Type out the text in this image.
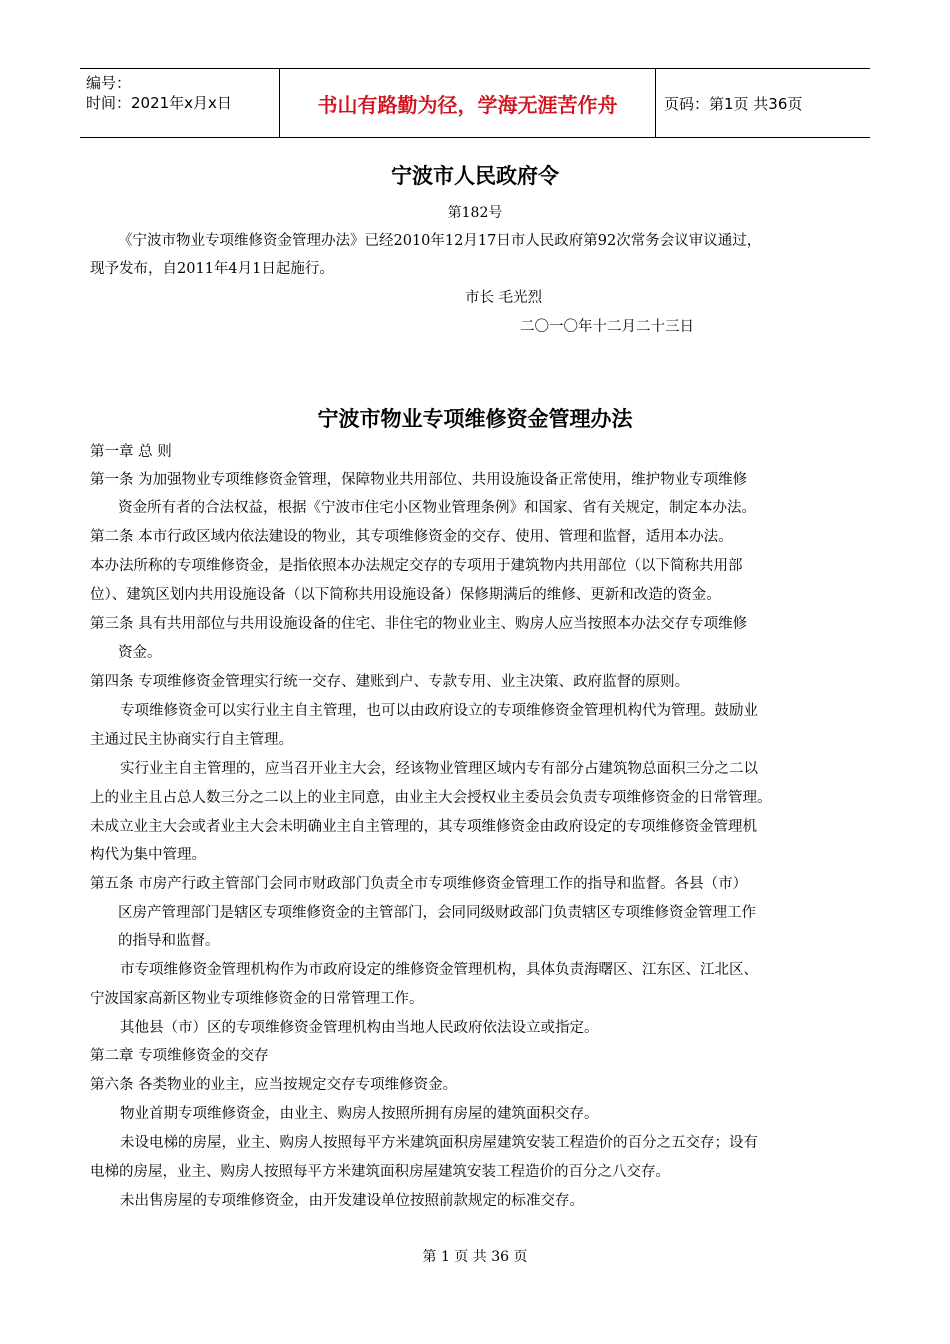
编号：
时间：2021年x月x日	书山有路勤为径，学海无涯苦作舟	页码：第1页 共36页
宁波市人民政府令
第182号
《宁波市物业专项维修资金管理办法》已经2010年12月17日市人民政府第92次常务会议审议通过，
现予发布，自2011年4月1日起施行。
市长 毛光烈
二〇一〇年十二月二十三日
宁波市物业专项维修资金管理办法
第一章 总 则
第一条 为加强物业专项维修资金管理，保障物业共用部位、共用设施设备正常使用，维护物业专项维修
资金所有者的合法权益，根据《宁波市住宅小区物业管理条例》和国家、省有关规定，制定本办法。
第二条 本市行政区域内依法建设的物业，其专项维修资金的交存、使用、管理和监督，适用本办法。
本办法所称的专项维修资金，是指依照本办法规定交存的专项用于建筑物内共用部位（以下简称共用部
位）、建筑区划内共用设施设备（以下简称共用设施设备）保修期满后的维修、更新和改造的资金。
第三条 具有共用部位与共用设施设备的住宅、非住宅的物业业主、购房人应当按照本办法交存专项维修
资金。
第四条 专项维修资金管理实行统一交存、建账到户、专款专用、业主决策、政府监督的原则。
专项维修资金可以实行业主自主管理，也可以由政府设立的专项维修资金管理机构代为管理。鼓励业
主通过民主协商实行自主管理。
实行业主自主管理的，应当召开业主大会，经该物业管理区域内专有部分占建筑物总面积三分之二以
上的业主且占总人数三分之二以上的业主同意，由业主大会授权业主委员会负责专项维修资金的日常管理。
未成立业主大会或者业主大会未明确业主自主管理的，其专项维修资金由政府设定的专项维修资金管理机
构代为集中管理。
第五条 市房产行政主管部门会同市财政部门负责全市专项维修资金管理工作的指导和监督。各县（市）
区房产管理部门是辖区专项维修资金的主管部门，会同同级财政部门负责辖区专项维修资金管理工作
的指导和监督。
市专项维修资金管理机构作为市政府设定的维修资金管理机构，具体负责海曙区、江东区、江北区、
宁波国家高新区物业专项维修资金的日常管理工作。
其他县（市）区的专项维修资金管理机构由当地人民政府依法设立或指定。
第二章 专项维修资金的交存
第六条 各类物业的业主，应当按规定交存专项维修资金。
物业首期专项维修资金，由业主、购房人按照所拥有房屋的建筑面积交存。
未设电梯的房屋，业主、购房人按照每平方米建筑面积房屋建筑安装工程造价的百分之五交存；设有
电梯的房屋，业主、购房人按照每平方米建筑面积房屋建筑安装工程造价的百分之八交存。
未出售房屋的专项维修资金，由开发建设单位按照前款规定的标准交存。
第 1 页 共 36 页
